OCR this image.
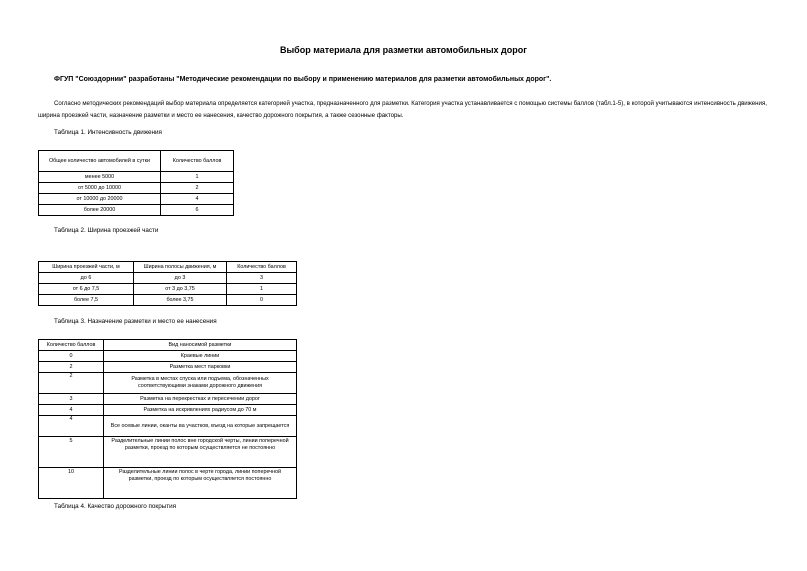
Выбор материала для разметки автомобильных дорог
ФГУП "Союздорнии" разработаны "Методические рекомендации по выбору и применению материалов для разметки автомобильных дорог".
Согласно методических рекомендаций выбор материала определяется категорией участка, предназначенного для разметки. Категория участка устанавливается с помощью системы баллов (табл.1-5), в которой учитываются интенсивность движения, ширина проезжей части, назначение разметки и место ее нанесения, качество дорожного покрытия, а также сезонные факторы.
Таблица 1. Интенсивность движения
Общее количество автомобилей в сутки	Количество баллов
менее 5000	1
от 5000 до 10000	2
от 10000 до 20000	4
более 20000	6
Таблица 2. Ширина проезжей части
Ширина проезжей части, м	Ширина полосы движения, м	Количество баллов
до 6	до 3	3
от 6 до 7,5	от 3 до 3,75	1
более 7,5	более 3,75	0
Таблица 3. Назначение разметки и место ее нанесения
Количество баллов	Вид наносимой разметки
0	Краевые линии
2	Разметка мест парковки
2	Разметка в местах спуска или подъема, обозначенных соответствующими знаками дорожного движения
3	Разметка на перекрестках и пересечении дорог
4	Разметка на искривлениях радиусом до 70 м
4	Все осевые линии, оканты ва участков, въезд на которые запрещается
5	Разделительные линии полос вне городской черты, линии поперечной разметки, проезд по которым осуществляется не постоянно
10	Разделительные линии полос в черте города, линии поперечной разметки, проезд по которым осуществляется постоянно
Таблица 4. Качество дорожного покрытия
